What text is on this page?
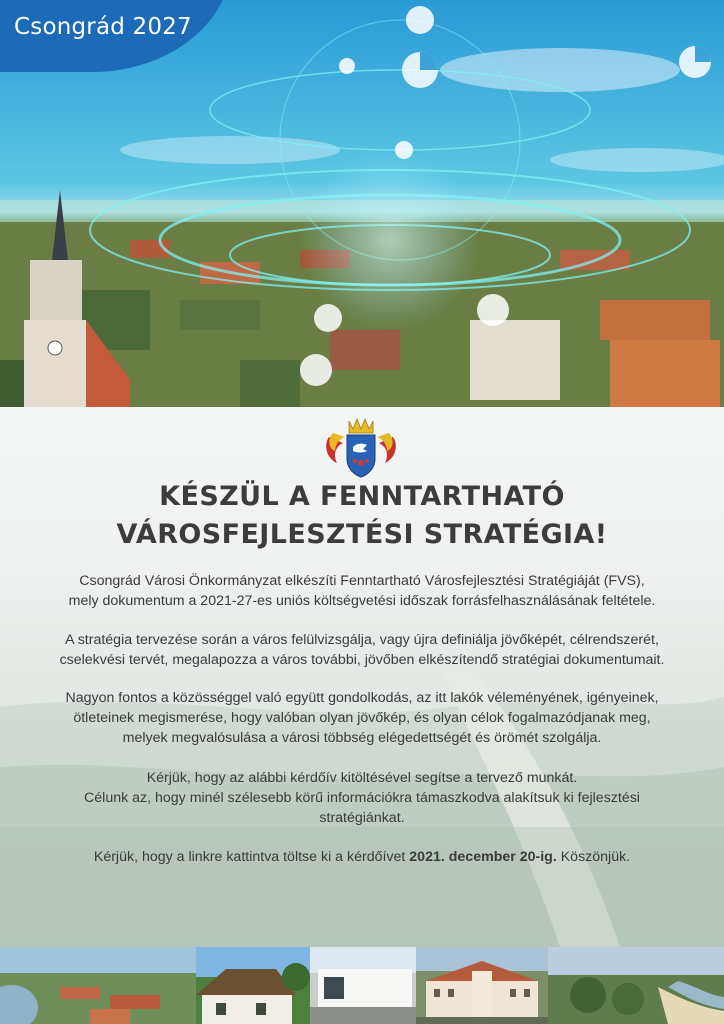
Csongrád 2027
KÉSZÜL A FENNTARTHATÓ
VÁROSFEJLESZTÉSI STRATÉGIA!
Csongrád Városi Önkormányzat elkészíti Fenntartható Városfejlesztési Stratégiáját (FVS),
mely dokumentum a 2021-27-es uniós költségvetési időszak forrásfelhasználásának feltétele.
A stratégia tervezése során a város felülvizsgálja, vagy újra definiálja jövőképét, célrendszerét,
cselekvési tervét, megalapozza a város további, jövőben elkészítendő stratégiai dokumentumait.
Nagyon fontos a közösséggel való együtt gondolkodás, az itt lakók véleményének, igényeinek,
ötleteinek megismerése, hogy valóban olyan jövőkép, és olyan célok fogalmazódjanak meg,
melyek megvalósulása a városi többség elégedettségét és örömét szolgálja.
Kérjük, hogy az alábbi kérdőív kitöltésével segítse a tervező munkát.
Célunk az, hogy minél szélesebb körű információkra támaszkodva alakítsuk ki fejlesztési
stratégiánkat.
Kérjük, hogy a linkre kattintva töltse ki a kérdőívet 2021. december 20-ig. Köszönjük.
